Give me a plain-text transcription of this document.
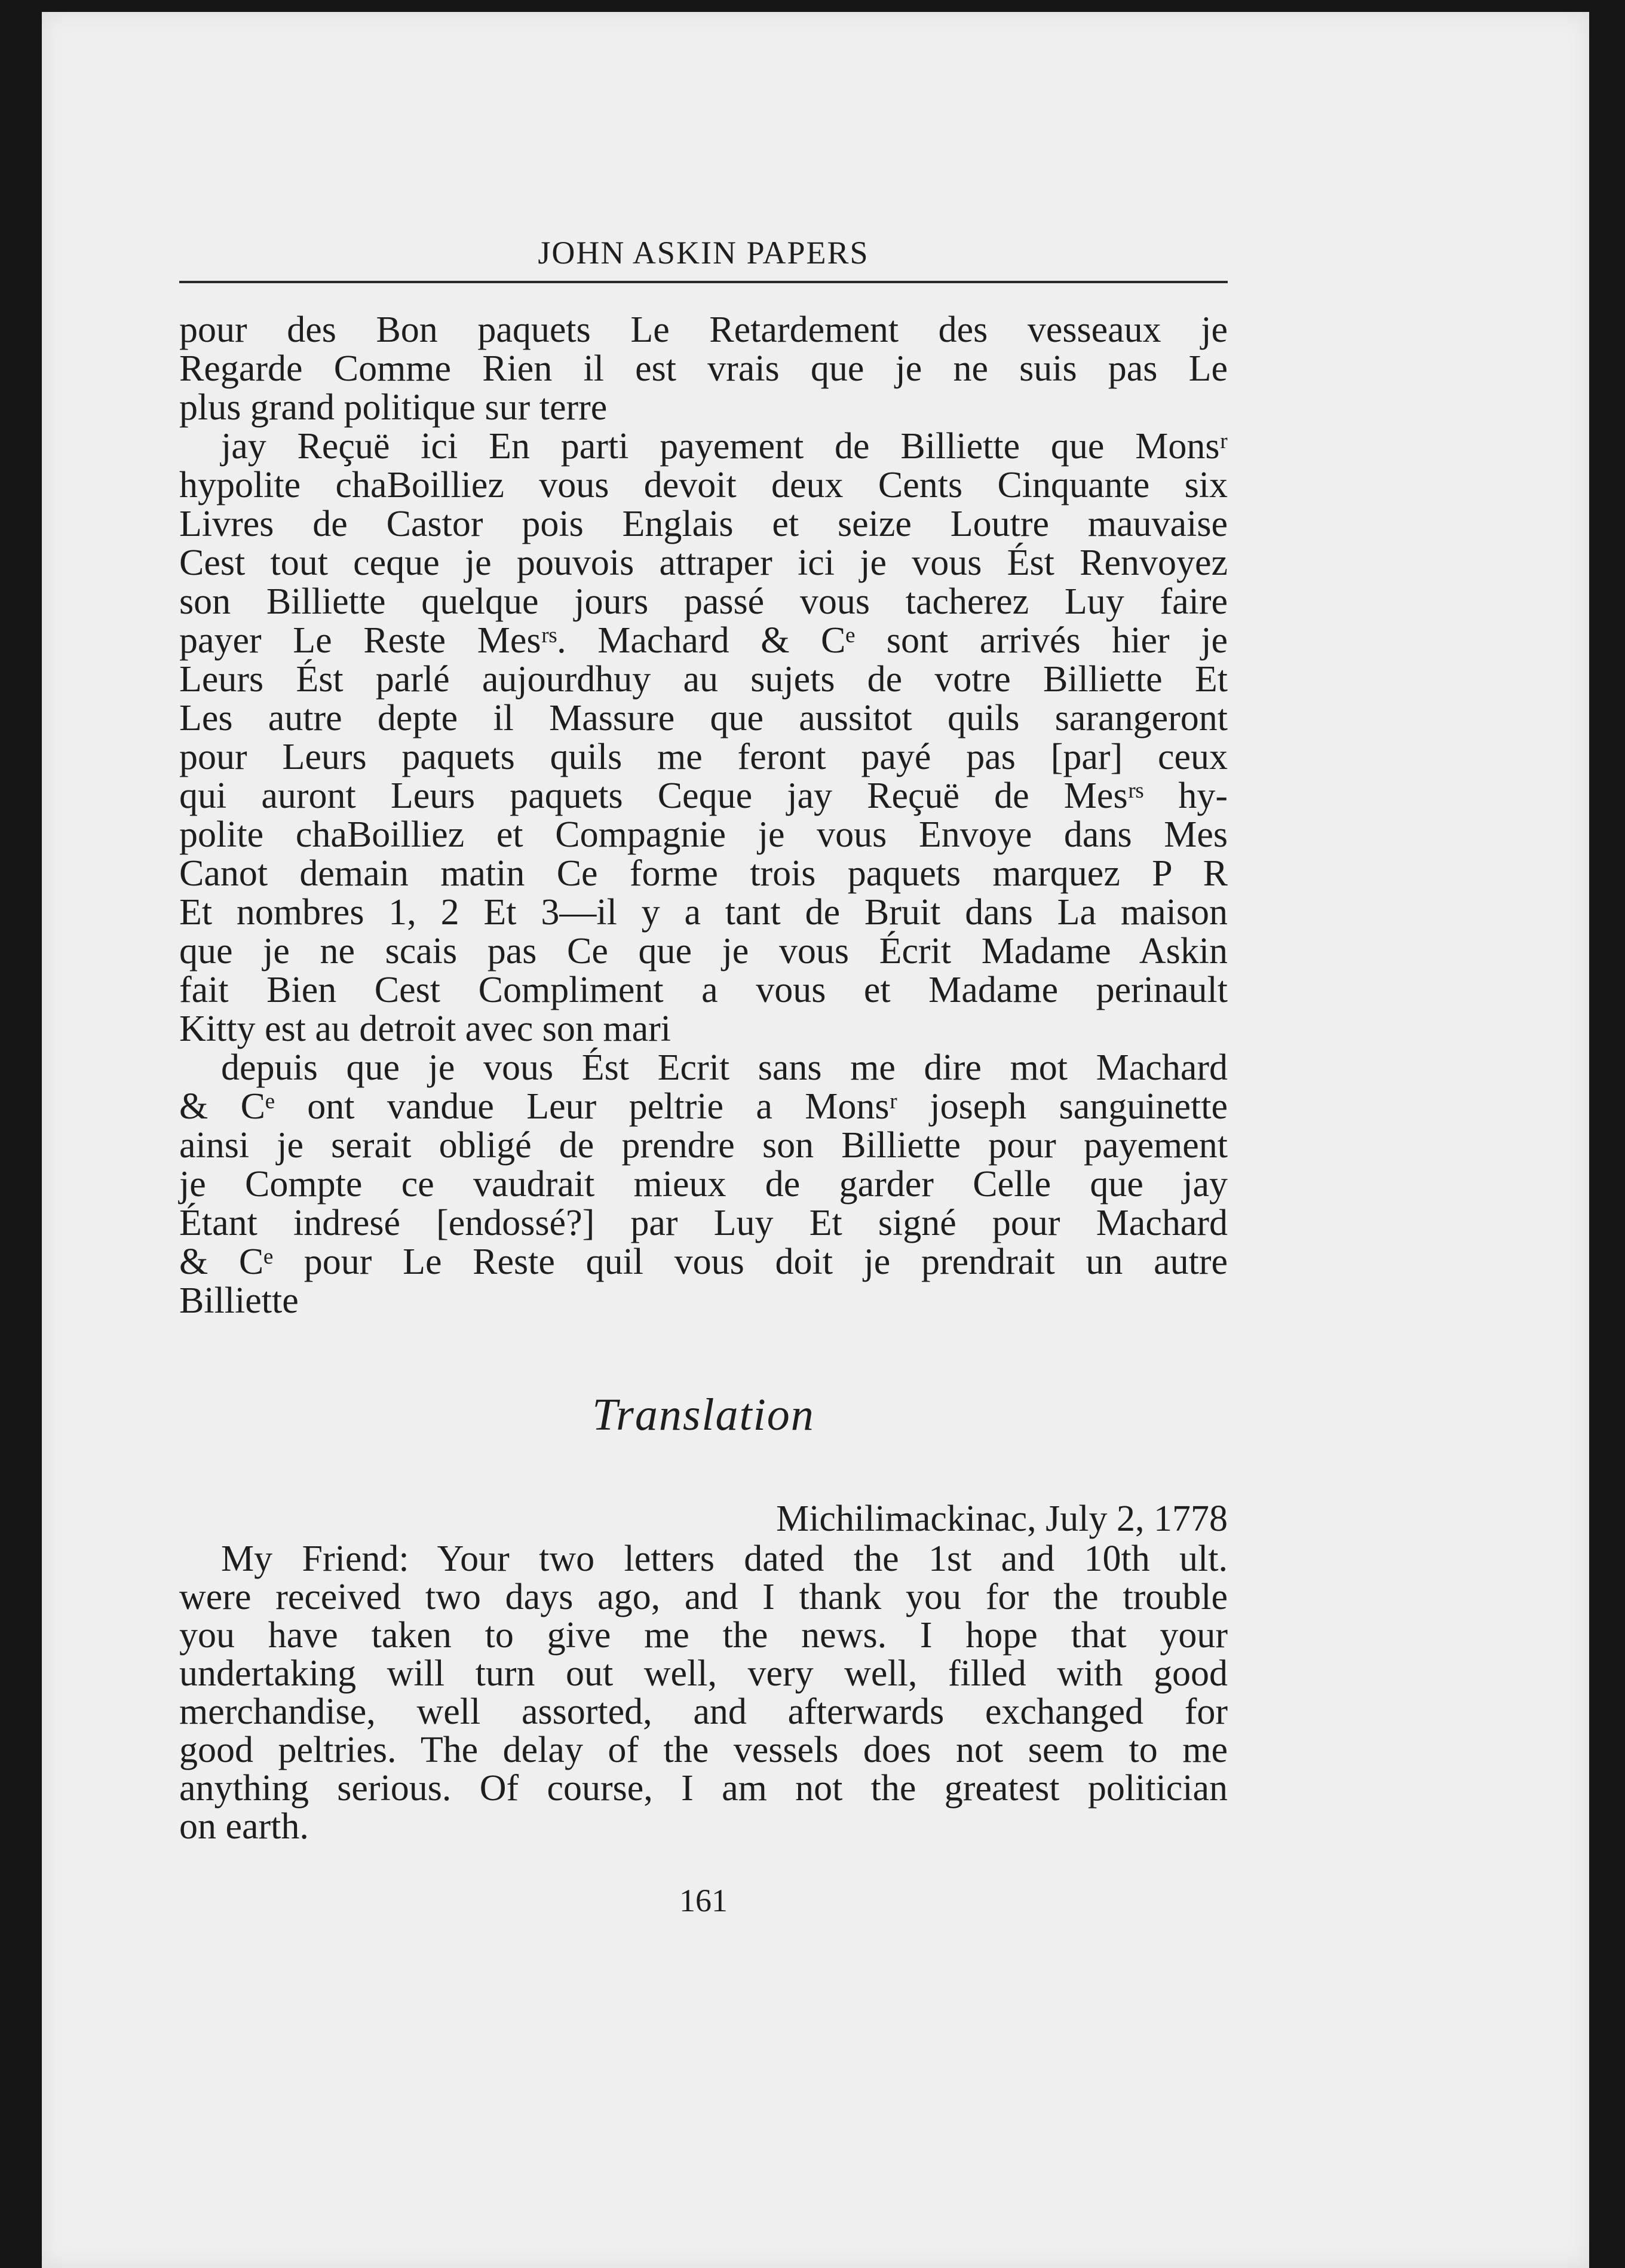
JOHN ASKIN PAPERS
pour des Bon paquets Le Retardement des vesseaux je
Regarde Comme Rien il est vrais que je ne suis pas Le
plus grand politique sur terre
jay Reçuë ici En parti payement de Billiette que Monsʳ
hypolite chaBoilliez vous devoit deux Cents Cinquante six
Livres de Castor pois Englais et seize Loutre mauvaise
Cest tout ceque je pouvois attraper ici je vous Ést Renvoyez
son Billiette quelque jours passé vous tacherez Luy faire
payer Le Reste Mesʳˢ. Machard & Cᵉ sont arrivés hier je
Leurs Ést parlé aujourdhuy au sujets de votre Billiette Et
Les autre depte il Massure que aussitot quils sarangeront
pour Leurs paquets quils me feront payé pas [par] ceux
qui auront Leurs paquets Ceque jay Reçuë de Mesʳˢ hy-
polite chaBoilliez et Compagnie je vous Envoye dans Mes
Canot demain matin Ce forme trois paquets marquez P R
Et nombres 1, 2 Et 3—il y a tant de Bruit dans La maison
que je ne scais pas Ce que je vous Écrit Madame Askin
fait Bien Cest Compliment a vous et Madame perinault
Kitty est au detroit avec son mari
depuis que je vous Ést Ecrit sans me dire mot Machard
& Cᵉ ont vandue Leur peltrie a Monsʳ joseph sanguinette
ainsi je serait obligé de prendre son Billiette pour payement
je Compte ce vaudrait mieux de garder Celle que jay
Étant indresé [endossé?] par Luy Et signé pour Machard
& Cᵉ pour Le Reste quil vous doit je prendrait un autre
Billiette
Translation
Michilimackinac, July 2, 1778
My Friend: Your two letters dated the 1st and 10th ult.
were received two days ago, and I thank you for the trouble
you have taken to give me the news. I hope that your
undertaking will turn out well, very well, filled with good
merchandise, well assorted, and afterwards exchanged for
good peltries. The delay of the vessels does not seem to me
anything serious. Of course, I am not the greatest politician
on earth.
161
